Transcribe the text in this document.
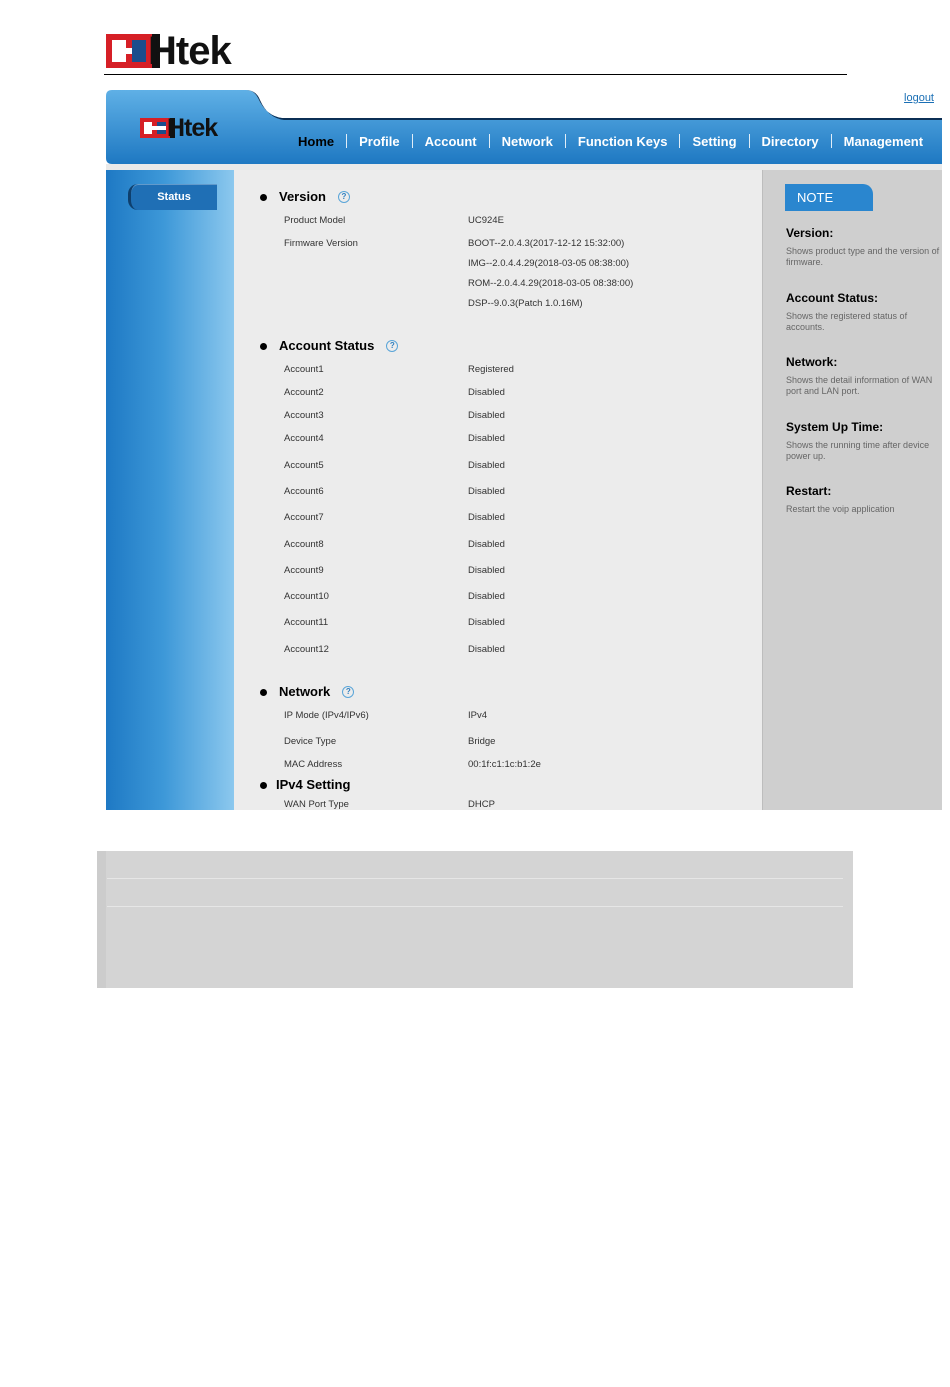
Htek
logout
Htek	Home	Profile	Account	Network	Function Keys	Setting	Directory	Management
Status	Version	?
Product Model	UC924E
Firmware Version	BOOT--2.0.4.3(2017-12-12 15:32:00)
IMG--2.0.4.4.29(2018-03-05 08:38:00)
ROM--2.0.4.4.29(2018-03-05 08:38:00)
DSP--9.0.3(Patch 1.0.16M)
Account Status	?
Account1	Registered
Account2	Disabled
Account3	Disabled
Account4	Disabled
Account5	Disabled
Account6	Disabled
Account7	Disabled
Account8	Disabled
Account9	Disabled
Account10	Disabled
Account11	Disabled
Account12	Disabled
Network	?
IP Mode (IPv4/IPv6)	IPv4
Device Type	Bridge
MAC Address	00:1f:c1:1c:b1:2e
IPv4 Setting
WAN Port Type	DHCP
NOTE
Version:
Shows product type and the version of firmware.
Account Status:
Shows the registered status of accounts.
Network:
Shows the detail information of WAN port and LAN port.
System Up Time:
Shows the running time after device power up.
Restart:
Restart the voip application
